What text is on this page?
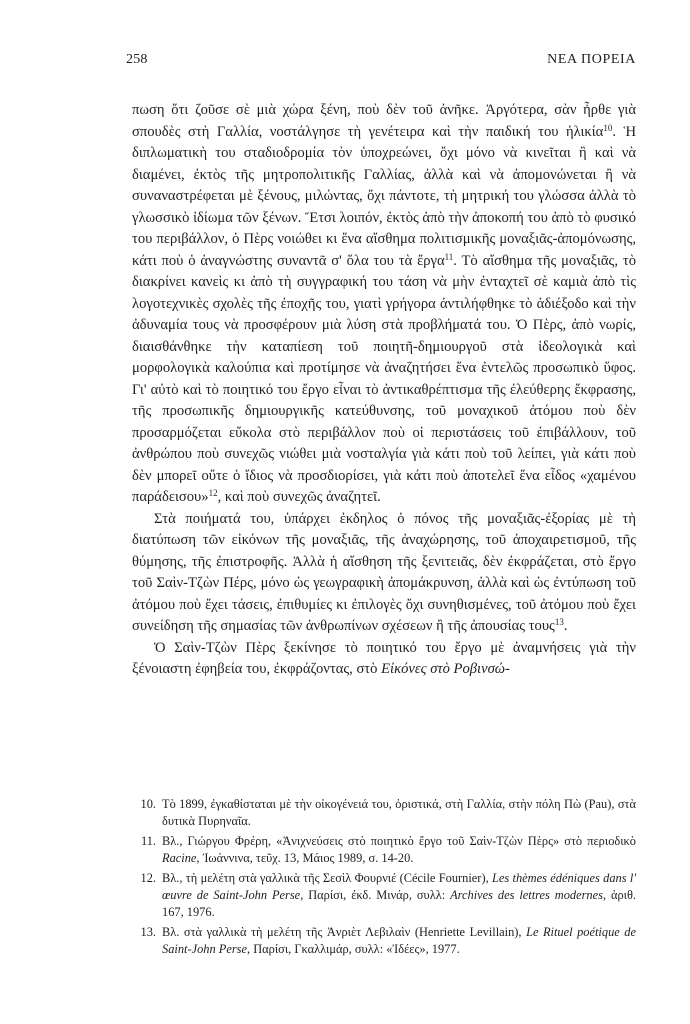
258	ΝΕΑ ΠΟΡΕΙΑ

πωση ὅτι ζοῦσε σὲ μιὰ χώρα ξένη, ποὺ δὲν τοῦ ἀνῆκε. Ἀργότερα, σὰν ἦρθε γιὰ σπουδὲς στὴ Γαλλία, νοστάλγησε τὴ γενέτειρα καὶ τὴν παιδική του ἡλικία$^{10}$. Ἡ διπλωματικὴ του σταδιοδρομία τὸν ὑποχρεώνει, ὄχι μόνο νὰ κινεῖται ἢ καὶ νὰ διαμένει, ἐκτὸς τῆς μητροπολιτικῆς Γαλλίας, ἀλλὰ καὶ νὰ ἀπομονώνεται ἢ νὰ συναναστρέφεται μὲ ξένους, μιλώντας, ὄχι πάντοτε, τὴ μητρική του γλώσσα ἀλλὰ τὸ γλωσσικὸ ἰδίωμα τῶν ξένων. Ἔτσι λοιπόν, ἐκτὸς ἀπὸ τὴν ἀποκοπή του ἀπὸ τὸ φυσικό του περιβάλλον, ὁ Πὲρς νοιώθει κι ἕνα αἴσθημα πολιτισμικῆς μοναξιᾶς-ἀπομόνωσης, κάτι ποὺ ὁ ἀναγνώστης συναντᾶ σ' ὅλα του τὰ ἔργα$^{11}$. Τὸ αἴσθημα τῆς μοναξιᾶς, τὸ διακρίνει κανεὶς κι ἀπὸ τὴ συγγραφική του τάση νὰ μὴν ἐνταχτεῖ σὲ καμιὰ ἀπὸ τὶς λογοτεχνικὲς σχολὲς τῆς ἐποχῆς του, γιατὶ γρήγορα ἀντιλήφθηκε τὸ ἀδιέξοδο καὶ τὴν ἀδυναμία τους νὰ προσφέρουν μιὰ λύση στὰ προβλήματά του. Ὁ Πὲρς, ἀπὸ νωρίς, διαισθάνθηκε τὴν καταπίεση τοῦ ποιητῆ-δημιουργοῦ στὰ ἰδεολογικὰ καὶ μορφολογικὰ καλούπια καὶ προτίμησε νὰ ἀναζητήσει ἕνα ἐντελῶς προσωπικὸ ὕφος. Γι' αὐτὸ καὶ τὸ ποιητικό του ἔργο εἶναι τὸ ἀντικαθρέπτισμα τῆς ἐλεύθερης ἔκφρασης, τῆς προσωπικῆς δημιουργικῆς κατεύθυνσης, τοῦ μοναχικοῦ ἀτόμου ποὺ δὲν προσαρμόζεται εὔκολα στὸ περιβάλλον ποὺ οἱ περιστάσεις τοῦ ἐπιβάλλουν, τοῦ ἀνθρώπου ποὺ συνεχῶς νιώθει μιὰ νοσταλγία γιὰ κάτι ποὺ τοῦ λείπει, γιὰ κάτι ποὺ δὲν μπορεῖ οὔτε ὁ ἴδιος νὰ προσδιορίσει, γιὰ κάτι ποὺ ἀποτελεῖ ἕνα εἶδος «χαμένου παράδεισου»$^{12}$, καὶ ποὺ συνεχῶς ἀναζητεῖ.

Στὰ ποιήματά του, ὑπάρχει ἐκδηλος ὁ πόνος τῆς μοναξιᾶς-ἐξορίας μὲ τὴ διατύπωση τῶν εἰκόνων τῆς μοναξιᾶς, τῆς ἀναχώρησης, τοῦ ἀποχαιρετισμοῦ, τῆς θύμησης, τῆς ἐπιστροφῆς. Ἀλλὰ ἡ αἴσθηση τῆς ξενιτειᾶς, δὲν ἐκφράζεται, στὸ ἔργο τοῦ Σαὶν-Τζὼν Πέρς, μόνο ὡς γεωγραφικὴ ἀπομάκρυνση, ἀλλὰ καὶ ὡς ἐντύπωση τοῦ ἀτόμου ποὺ ἔχει τάσεις, ἐπιθυμίες κι ἐπιλογὲς ὄχι συνηθισμένες, τοῦ ἀτόμου ποὺ ἔχει συνείδηση τῆς σημασίας τῶν ἀνθρωπίνων σχέσεων ἢ τῆς ἀπουσίας τους$^{13}$.

Ὁ Σαὶν-Τζὼν Πὲρς ξεκίνησε τὸ ποιητικό του ἔργο μὲ ἀναμνήσεις γιὰ τὴν ξένοιαστη ἐφηβεία του, ἐκφράζοντας, στὸ Εἰκόνες στὸ Ροβινσώ-

10. Τὸ 1899, ἐγκαθίσταται μὲ τὴν οἰκογένειά του, ὁριστικά, στὴ Γαλλία, στὴν πόλη Πὼ (Pau), στὰ δυτικὰ Πυρηναῖα.
11. Βλ., Γιώργου Φρέρη, «Ἀνιχνεύσεις στὸ ποιητικὸ ἔργο τοῦ Σαὶν-Τζὼν Πὲρς» στὸ περιοδικὸ Racine, Ἰωάννινα, τεῦχ. 13, Μάιος 1989, σ. 14-20.
12. Βλ., τὴ μελέτη στὰ γαλλικὰ τῆς Σεσὶλ Φουρνιέ (Cécile Fournier), Les thèmes édéniques dans l' œuvre de Saint-John Perse, Παρίσι, ἐκδ. Μινάρ, συλλ: Archives des lettres modernes, ἀριθ. 167, 1976.
13. Βλ. στὰ γαλλικὰ τὴ μελέτη τῆς Ἀνριὲτ Λεβιλαὶν (Henriette Levillain), Le Rituel poétique de Saint-John Perse, Παρίσι, Γκαλλιμάρ, συλλ: «Ἰδέες», 1977.
